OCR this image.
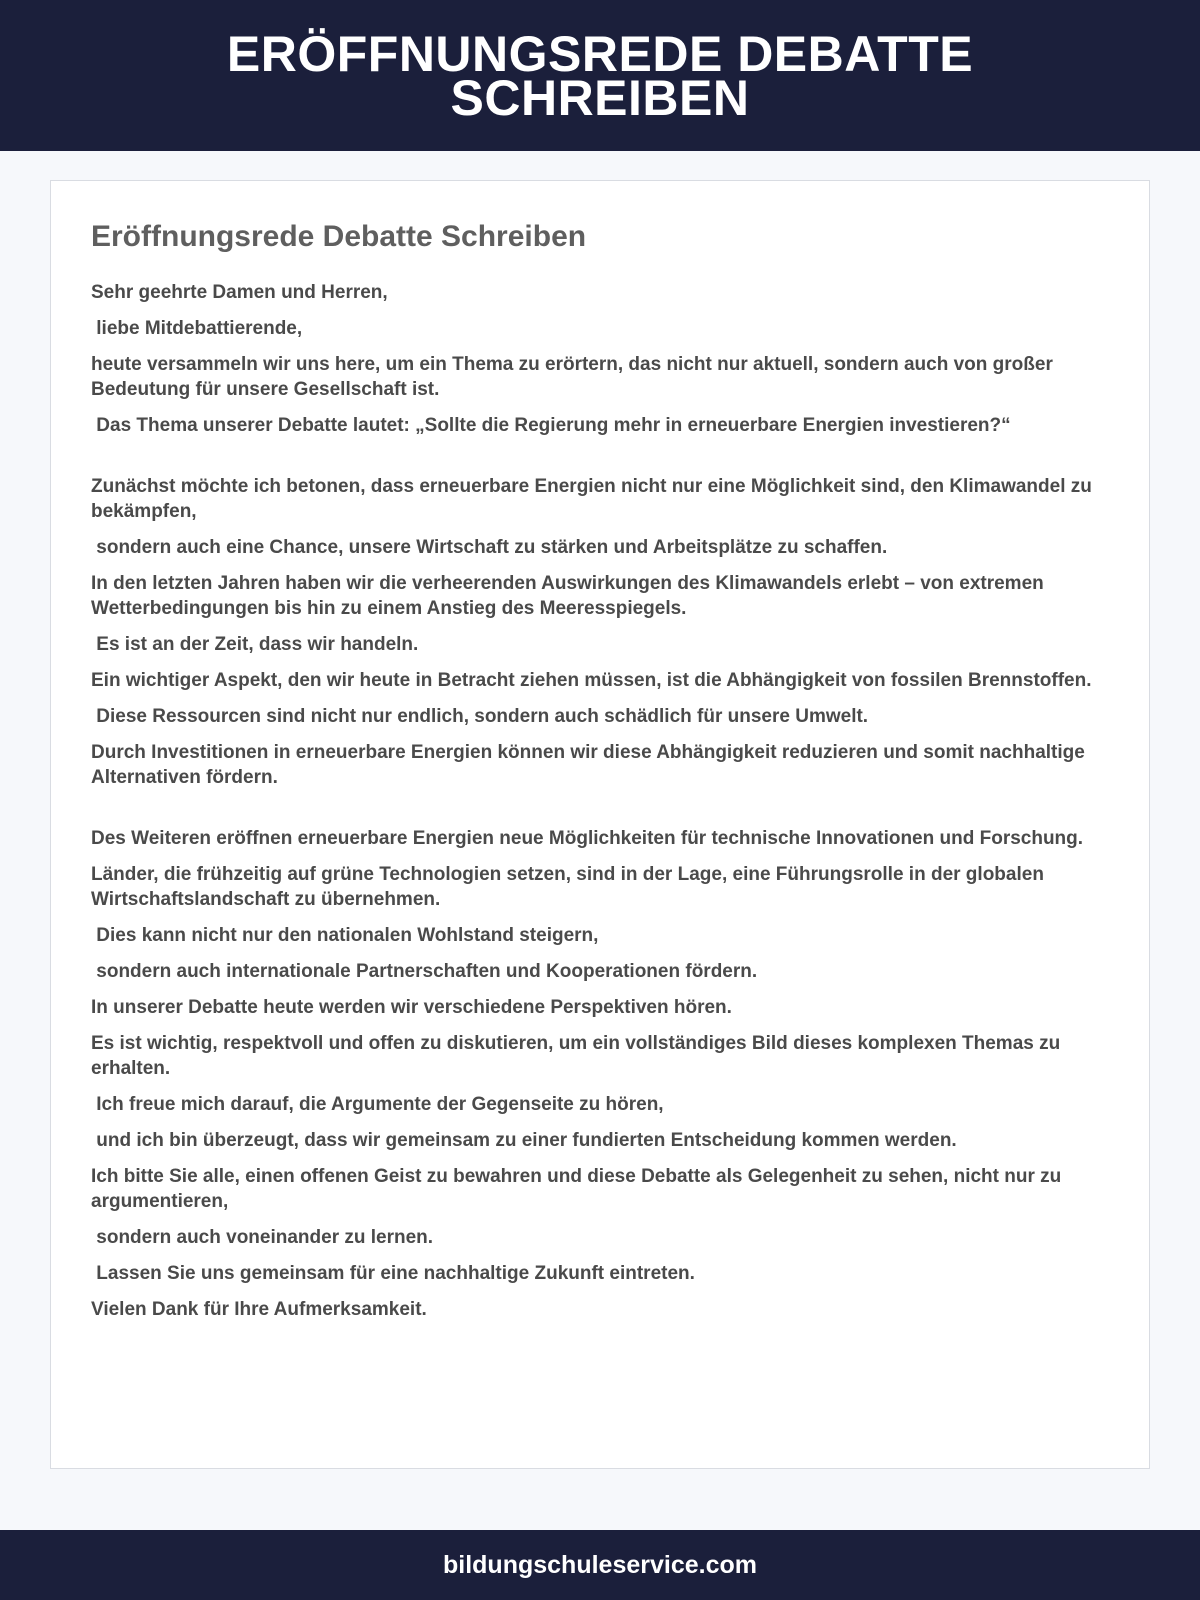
ERÖFFNUNGSREDE DEBATTE SCHREIBEN
Eröffnungsrede Debatte Schreiben

Sehr geehrte Damen und Herren,

liebe Mitdebattierende,

heute versammeln wir uns here, um ein Thema zu erörtern, das nicht nur aktuell, sondern auch von großer Bedeutung für unsere Gesellschaft ist.

Das Thema unserer Debatte lautet: „Sollte die Regierung mehr in erneuerbare Energien investieren?“

Zunächst möchte ich betonen, dass erneuerbare Energien nicht nur eine Möglichkeit sind, den Klimawandel zu bekämpfen,

sondern auch eine Chance, unsere Wirtschaft zu stärken und Arbeitsplätze zu schaffen.

In den letzten Jahren haben wir die verheerenden Auswirkungen des Klimawandels erlebt – von extremen Wetterbedingungen bis hin zu einem Anstieg des Meeresspiegels.

Es ist an der Zeit, dass wir handeln.

Ein wichtiger Aspekt, den wir heute in Betracht ziehen müssen, ist die Abhängigkeit von fossilen Brennstoffen.

Diese Ressourcen sind nicht nur endlich, sondern auch schädlich für unsere Umwelt.

Durch Investitionen in erneuerbare Energien können wir diese Abhängigkeit reduzieren und somit nachhaltige Alternativen fördern.

Des Weiteren eröffnen erneuerbare Energien neue Möglichkeiten für technische Innovationen und Forschung.

Länder, die frühzeitig auf grüne Technologien setzen, sind in der Lage, eine Führungsrolle in der globalen Wirtschaftslandschaft zu übernehmen.

Dies kann nicht nur den nationalen Wohlstand steigern,

sondern auch internationale Partnerschaften und Kooperationen fördern.

In unserer Debatte heute werden wir verschiedene Perspektiven hören.

Es ist wichtig, respektvoll und offen zu diskutieren, um ein vollständiges Bild dieses komplexen Themas zu erhalten.

Ich freue mich darauf, die Argumente der Gegenseite zu hören,

und ich bin überzeugt, dass wir gemeinsam zu einer fundierten Entscheidung kommen werden.

Ich bitte Sie alle, einen offenen Geist zu bewahren und diese Debatte als Gelegenheit zu sehen, nicht nur zu argumentieren,

sondern auch voneinander zu lernen.

Lassen Sie uns gemeinsam für eine nachhaltige Zukunft eintreten.

Vielen Dank für Ihre Aufmerksamkeit.

bildungschuleservice.com
